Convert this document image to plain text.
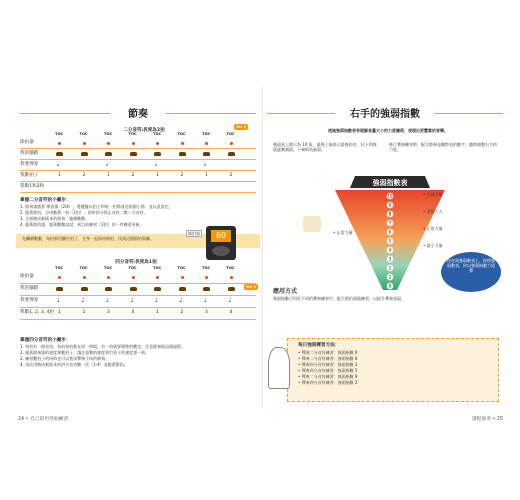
節奏
二分音符𝅗𝅥長度為2拍
Ya! 1
節拍器
我的腳踏
我要彈奏
我數拍子
我數1和2和
TOC
𝅗𝅥
1
TOC
2
TOC
𝅗𝅥
1
TOC
2
TOC
𝅗𝅥
1
TOC
2
TOC
𝅗𝅥
1
TOC
2
掌握二分音符的小撇步：
1. 節奏請跟著 節拍器（2/4），將鍵盤以拍子和每一拍都放這兩個小節，並以此設定。
2. 跟著節拍，分別數著一拍（2拍），即用四分休止音符二撥二分音符。
3. 全部換成新版本的節奏：連續數數。
4. 跟著節拍器，跟著數數試試：到目前練習（2拍）的一件練習更新。
先繼續數數，每拍都用腳打拍子，全身一起保持節拍，找到這個節拍與腳。	60
節拍器
四分音符𝅘𝅥長度為1拍
Ya! 1
節拍器
我的腳踏
我要彈奏
我數1, 2, 3, 4拍
TOC
♩
1
TOC
♩
2
TOC
♩
3
TOC
♩
4
TOC
♩
1
TOC
♩
2
TOC
♩
3
TOC
♩
4
掌握四分音符的小撇步：
1. 每拍有一個音符，每拍每拍都在同一時間，有一拍就要精準的數完，注意節奏與這個過程。
2. 跟著節奏器的速度來數拍子，請注意數的速度和打拍子的速度要一致。
3. 練習數拍子的同時也可以嘗試彈奏不同的節奏。
4. 再次用換成新版本的四分音符數一次（1-4）並跟著節拍。
24 • 自己的用琴曲練習
右手的強弱指數
透過強弱指數表來理解音量大小的力度關係，表現出更豐富的音樂。
強弱表上標示為 10 級，最強上端表示最強的音，往下則強弱逐漸減弱，下端則為最弱。
進行彈奏練習時，配合節奏並觀察表的數字，隨時調整右手的力度。
強弱指數表
10
9
8
7
6
5
4
3
2
1
0
• 全部力量
• 非常大力
• 正常力量
• 最小力量
• 正常力量
你在與強弱數表上，按照強弱數表，你以強弱指數力道彈
應用方式
強弱指數可用於不同的彈奏練習中，配合節拍器做練習，以提升彈奏表現。
每日強弱練習方法：
• 彈奏二分音符練習：強弱指數 6
• 彈奏二分音符練習：強弱指數 8
• 彈奏四分音符練習：強弱指數 3
• 彈奏四分音符練習：強弱指數 5
• 彈奏二分音符練習：強弱指數 9
• 彈奏四分音符練習：強弱指數 2
課程節奏 • 25
